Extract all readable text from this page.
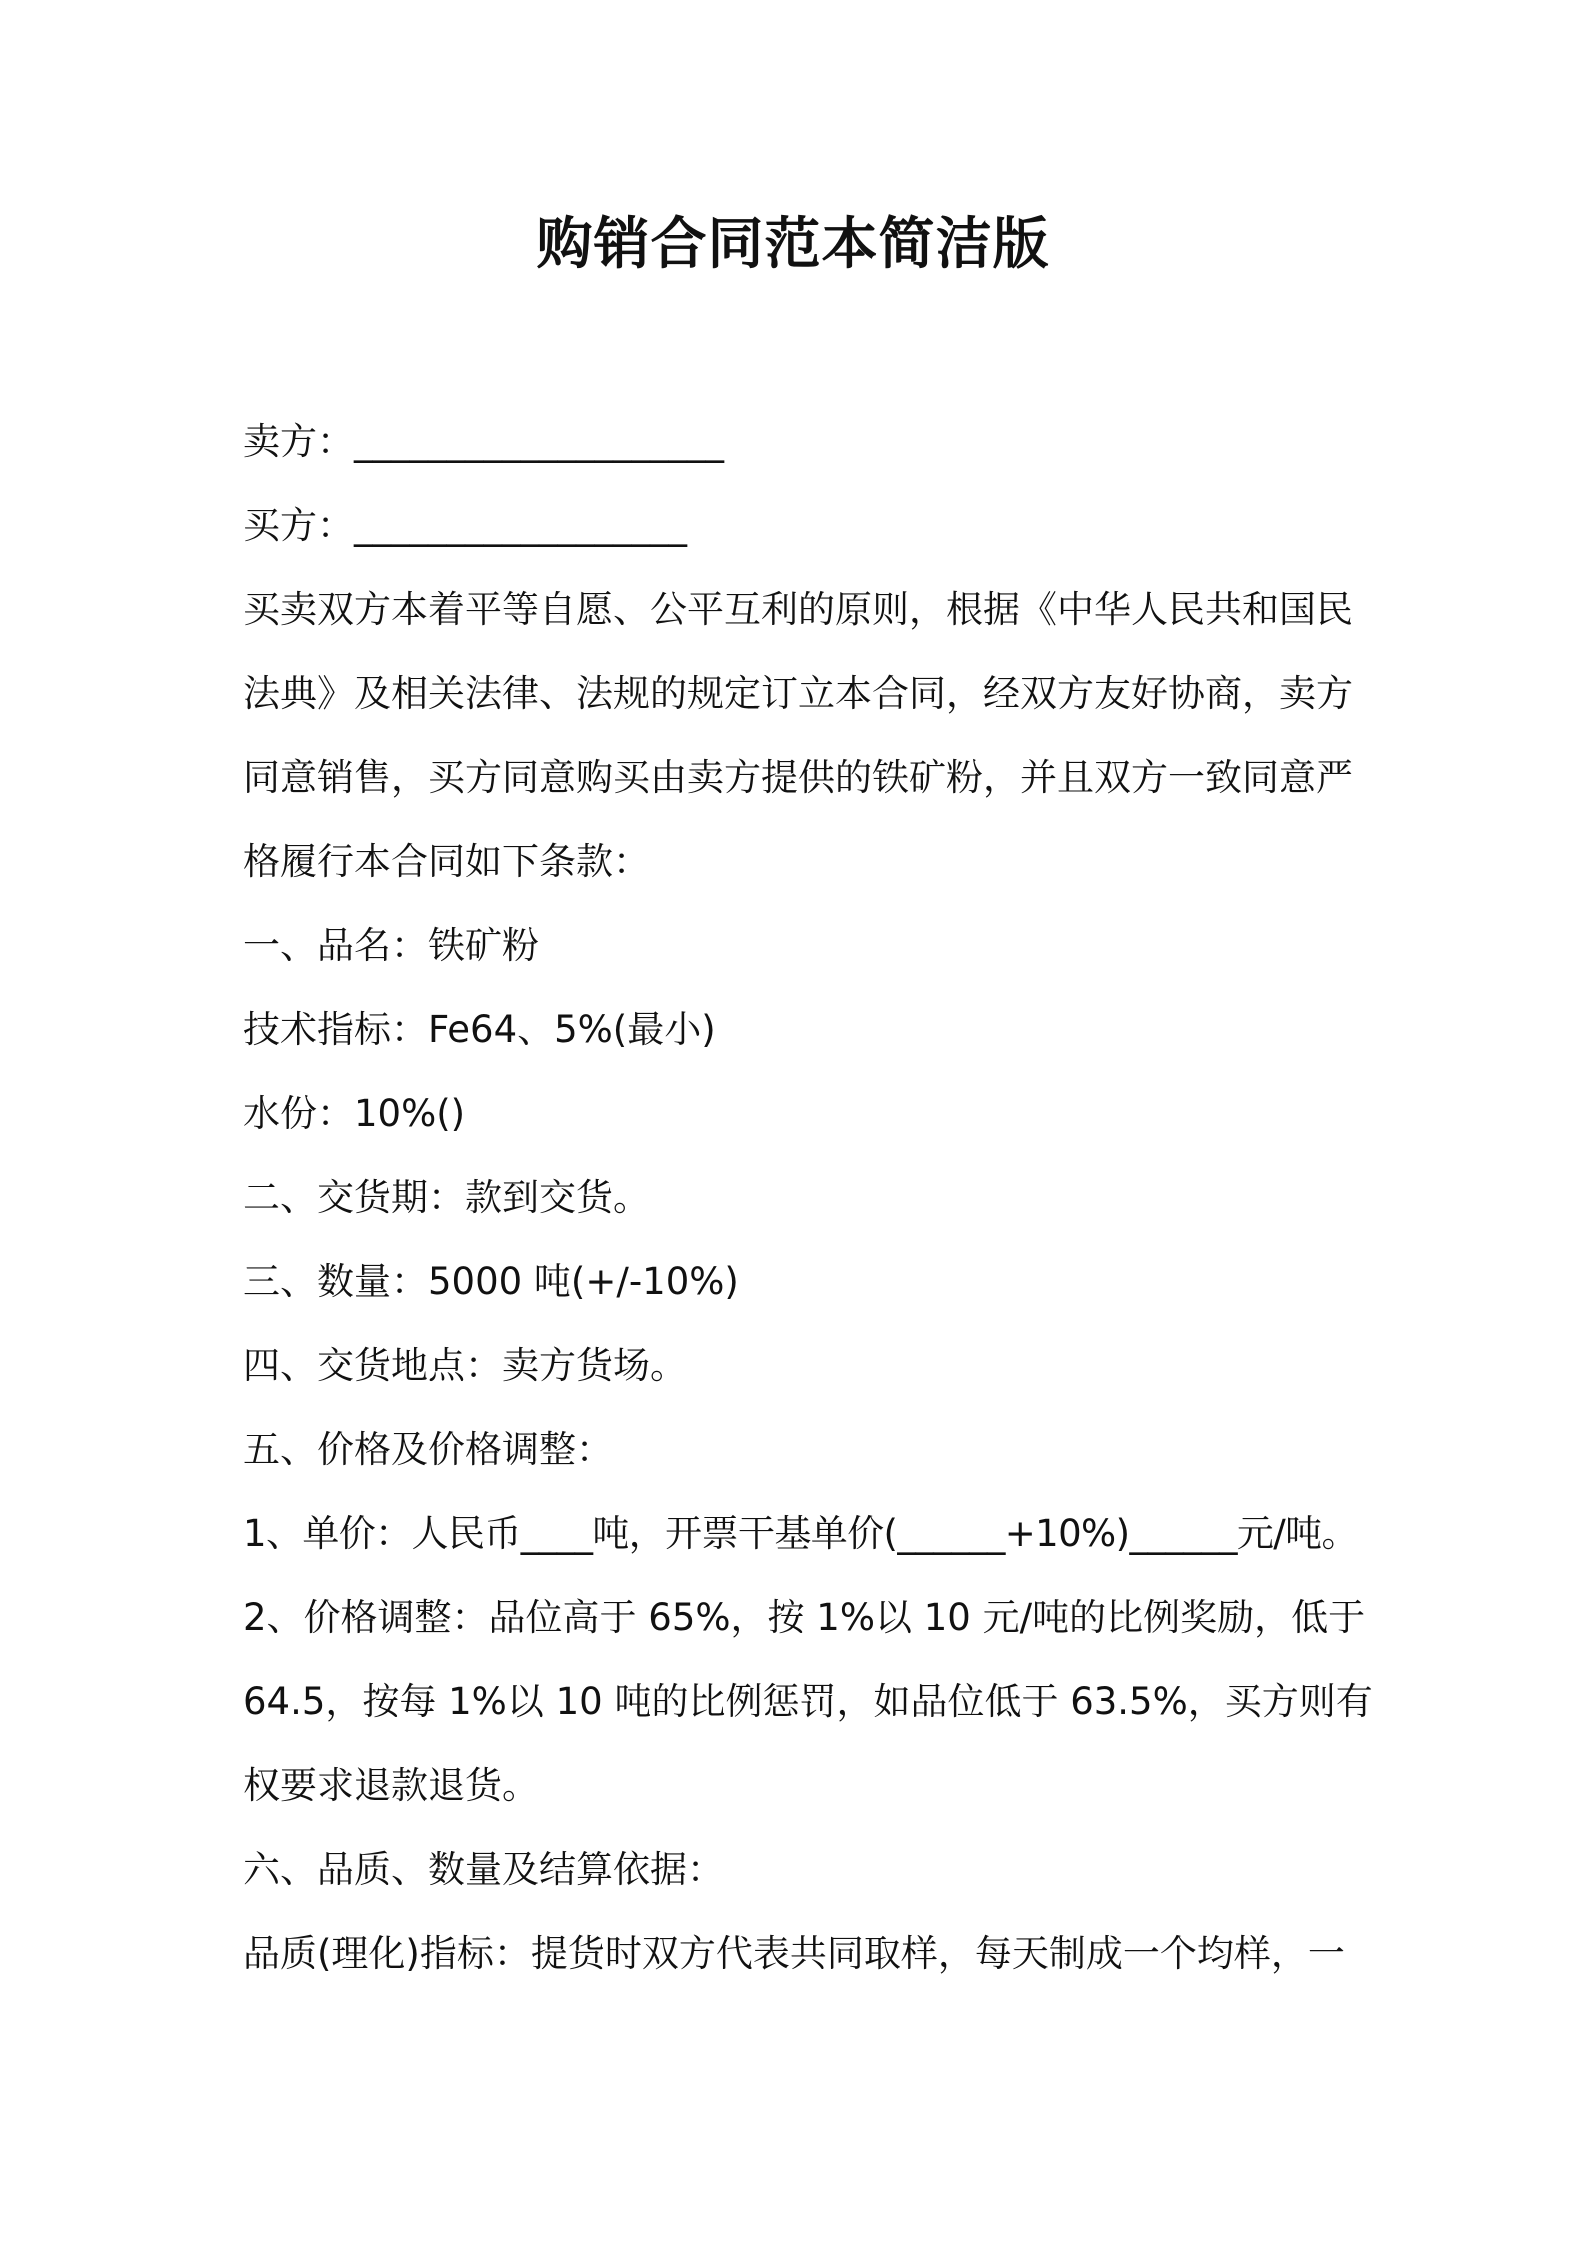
购销合同范本简洁版
卖方：____________________
买方：__________________
买卖双方本着平等自愿、公平互利的原则，根据《中华人民共和国民
法典》及相关法律、法规的规定订立本合同，经双方友好协商，卖方
同意销售，买方同意购买由卖方提供的铁矿粉，并且双方一致同意严
格履行本合同如下条款：
一、品名：铁矿粉
技术指标：Fe64、5%(最小)
水份：10%()
二、交货期：款到交货。
三、数量：5000 吨(+/-10%)
四、交货地点：卖方货场。
五、价格及价格调整：
1、单价：人民币____吨，开票干基单价(______+10%)______元/吨。
2、价格调整：品位高于 65%，按 1%以 10 元/吨的比例奖励，低于
64.5，按每 1%以 10 吨的比例惩罚，如品位低于 63.5%，买方则有
权要求退款退货。
六、品质、数量及结算依据：
品质(理化)指标：提货时双方代表共同取样，每天制成一个均样，一
